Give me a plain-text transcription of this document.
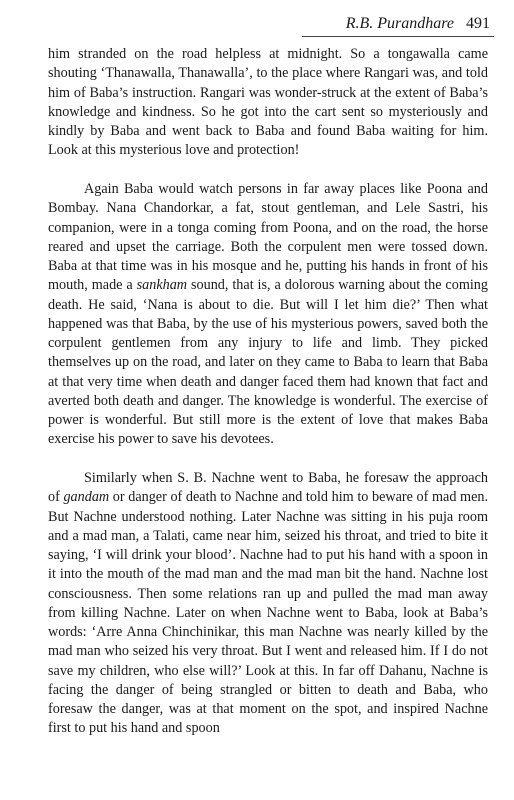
R.B. Purandhare 491

him stranded on the road helpless at midnight. So a tongawalla came shouting ‘Thanawalla, Thanawalla’, to the place where Rangari was, and told him of Baba’s instruction. Rangari was wonder-struck at the extent of Baba’s knowledge and kindness. So he got into the cart sent so mysteriously and kindly by Baba and went back to Baba and found Baba waiting for him. Look at this mysterious love and protection!

Again Baba would watch persons in far away places like Poona and Bombay. Nana Chandorkar, a fat, stout gentleman, and Lele Sastri, his companion, were in a tonga coming from Poona, and on the road, the horse reared and upset the carriage. Both the corpulent men were tossed down. Baba at that time was in his mosque and he, putting his hands in front of his mouth, made a sankham sound, that is, a dolorous warning about the coming death. He said, ‘Nana is about to die. But will I let him die?’ Then what happened was that Baba, by the use of his mysterious powers, saved both the corpulent gentlemen from any injury to life and limb. They picked themselves up on the road, and later on they came to Baba to learn that Baba at that very time when death and danger faced them had known that fact and averted both death and danger. The knowledge is wonderful. The exercise of power is wonderful. But still more is the extent of love that makes Baba exercise his power to save his devotees.

Similarly when S. B. Nachne went to Baba, he foresaw the approach of gandam or danger of death to Nachne and told him to beware of mad men. But Nachne understood nothing. Later Nachne was sitting in his puja room and a mad man, a Talati, came near him, seized his throat, and tried to bite it saying, ‘I will drink your blood’. Nachne had to put his hand with a spoon in it into the mouth of the mad man and the mad man bit the hand. Nachne lost consciousness. Then some relations ran up and pulled the mad man away from killing Nachne. Later on when Nachne went to Baba, look at Baba’s words: ‘Arre Anna Chinchinikar, this man Nachne was nearly killed by the mad man who seized his very throat. But I went and released him. If I do not save my children, who else will?’ Look at this. In far off Dahanu, Nachne is facing the danger of being strangled or bitten to death and Baba, who foresaw the danger, was at that moment on the spot, and inspired Nachne first to put his hand and spoon
